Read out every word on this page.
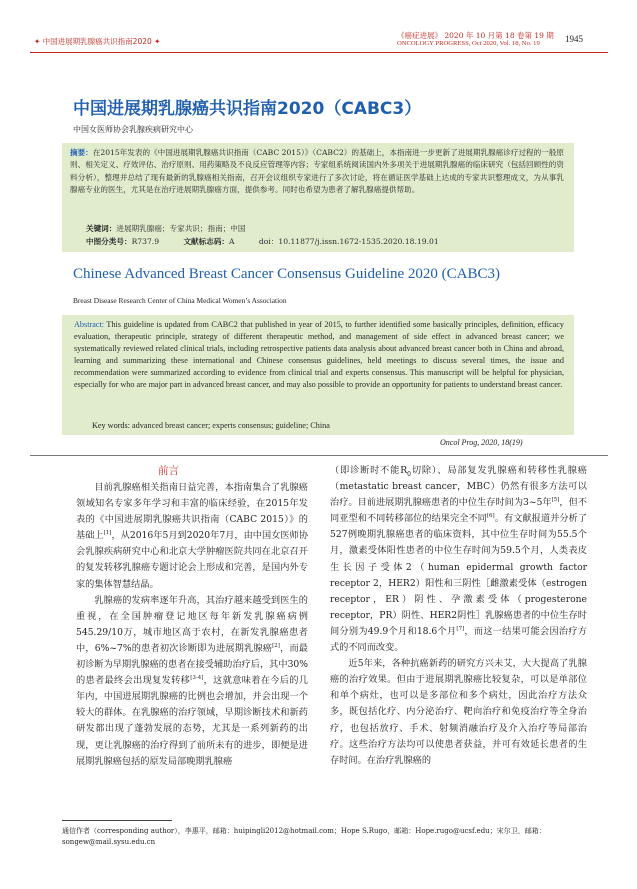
✦ 中国进展期乳腺癌共识指南2020 ✦
《癌症进展》 2020 年 10 月第 18 卷第 19 期
ONCOLOGY PROGRESS, Oct 2020, Vol. 18, No. 19	1945
中国进展期乳腺癌共识指南2020（CABC3）
中国女医师协会乳腺疾病研究中心

摘要：在2015年发表的《中国进展期乳腺癌共识指南（CABC 2015）》（CABC2）的基础上，本指南进一步更新了进展期乳腺癌诊疗过程的一般原则、相关定义、疗效评估、治疗原则、用药策略及不良反应管理等内容；专家组系统阅读国内外多项关于进展期乳腺癌的临床研究（包括回顾性的资料分析），整理并总结了现有最新的乳腺癌相关指南，召开会议组织专家进行了多次讨论，将在循证医学基础上达成的专家共识整理成文，为从事乳腺癌专业的医生，尤其是在治疗进展期乳腺癌方面，提供参考。同时也希望为患者了解乳腺癌提供帮助。

关键词：进展期乳腺癌；专家共识；指南；中国
中图分类号：R737.9	文献标志码：A	doi：10.11877/j.issn.1672-1535.2020.18.19.01
Chinese Advanced Breast Cancer Consensus Guideline 2020 (CABC3)
Breast Disease Research Center of China Medical Women’s Association

Abstract: This guideline is updated from CABC2 that published in year of 2015, to further identified some basically principles, definition, efficacy evaluation, therapeutic principle, strategy of different therapeutic method, and management of side effect in advanced breast cancer; we systematically reviewed related clinical trials, including retrospective patients data analysis about advanced breast cancer both in China and abroad, learning and summarizing these international and Chinese consensus guidelines, held meetings to discuss several times, the issue and recommendation were summarized according to evidence from clinical trial and experts consensus. This manuscript will be helpful for physician, especially for who are major part in advanced breast cancer, and may also possible to provide an opportunity for patients to understand breast cancer.

Key words: advanced breast cancer; experts consensus; guideline; China
Oncol Prog, 2020, 18(19)
前言

目前乳腺癌相关指南日益完善，本指南集合了乳腺癌领域知名专家多年学习和丰富的临床经验，在2015年发表的《中国进展期乳腺癌共识指南（CABC 2015）》的基础上[1]，从2016年5月到2020年7月，由中国女医师协会乳腺疾病研究中心和北京大学肿瘤医院共同在北京召开的复发转移乳腺癌专题讨论会上形成和完善，是国内外专家的集体智慧结晶。

乳腺癌的发病率逐年升高，其治疗越来越受到医生的重视，在全国肿瘤登记地区每年新发乳腺癌病例545.29/10万，城市地区高于农村，在新发乳腺癌患者中，6%~7%的患者初次诊断即为进展期乳腺癌[2]，而最初诊断为早期乳腺癌的患者在接受辅助治疗后，其中30%的患者最终会出现复发转移[3-4]，这就意味着在今后的几年内，中国进展期乳腺癌的比例也会增加，并会出现一个较大的群体。在乳腺癌的治疗领域，早期诊断技术和新药研发都出现了蓬勃发展的态势，尤其是一系列新药的出现，更让乳腺癌的治疗得到了前所未有的进步，即便是进展期乳腺癌包括的原发局部晚期乳腺癌

（即诊断时不能$R_0$切除）、局部复发乳腺癌和转移性乳腺癌（metastatic breast cancer，MBC）仍然有很多方法可以治疗。目前进展期乳腺癌患者的中位生存时间为3~5年[5]，但不同亚型和不同转移部位的结果完全不同[6]。有文献报道并分析了527例晚期乳腺癌患者的临床资料，其中位生存时间为55.5个月，激素受体阳性患者的中位生存时间为59.5个月，人类表皮生长因子受体2（human epidermal growth factor receptor 2，HER2）阳性和三阴性［雌激素受体（estrogen receptor，ER）阴性、孕激素受体（progesterone receptor，PR）阴性、HER2阴性］乳腺癌患者的中位生存时间分别为49.9个月和18.6个月[7]，而这一结果可能会因治疗方式的不同而改变。

近5年来，各种抗癌新药的研究方兴未艾，大大提高了乳腺癌的治疗效果。但由于进展期乳腺癌比较复杂，可以是单部位和单个病灶，也可以是多部位和多个病灶，因此治疗方法众多，既包括化疗、内分泌治疗、靶向治疗和免疫治疗等全身治疗，也包括放疗、手术、射频消融治疗及介入治疗等局部治疗。这些治疗方法均可以使患者获益，并可有效延长患者的生存时间。在治疗乳腺癌的

通信作者（corresponding author），李惠平，邮箱：huipingli2012@hotmail.com；Hope S.Rugo，邮箱：Hope.rugo@ucsf.edu；宋尔卫，邮箱：songew@mail.sysu.edu.cn
